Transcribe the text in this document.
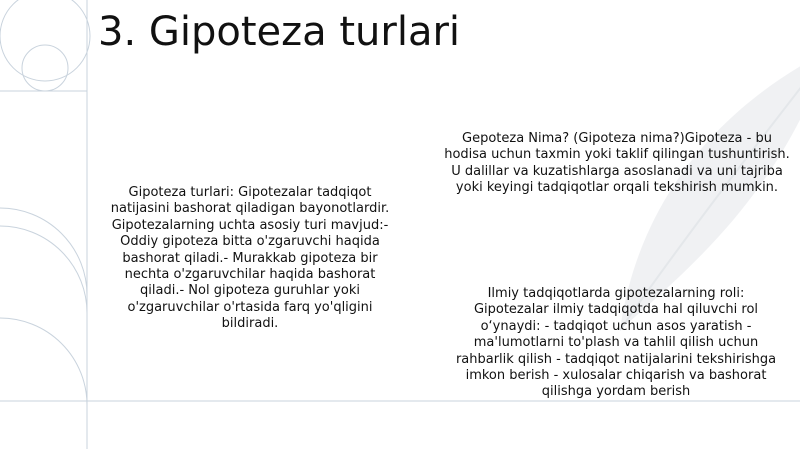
3. Gipoteza turlari

Gipoteza turlari: Gipotezalar tadqiqot natijasini bashorat qiladigan bayonotlardir. Gipotezalarning uchta asosiy turi mavjud:- Oddiy gipoteza bitta o'zgaruvchi haqida bashorat qiladi.- Murakkab gipoteza bir nechta o'zgaruvchilar haqida bashorat qiladi.- Nol gipoteza guruhlar yoki o'zgaruvchilar o'rtasida farq yo'qligini bildiradi.

Gepoteza Nima? (Gipoteza nima?)Gipoteza - bu hodisa uchun taxmin yoki taklif qilingan tushuntirish. U dalillar va kuzatishlarga asoslanadi va uni tajriba yoki keyingi tadqiqotlar orqali tekshirish mumkin.

Ilmiy tadqiqotlarda gipotezalarning roli: Gipotezalar ilmiy tadqiqotda hal qiluvchi rol o‘ynaydi: - tadqiqot uchun asos yaratish - ma'lumotlarni to'plash va tahlil qilish uchun rahbarlik qilish - tadqiqot natijalarini tekshirishga imkon berish - xulosalar chiqarish va bashorat qilishga yordam berish
